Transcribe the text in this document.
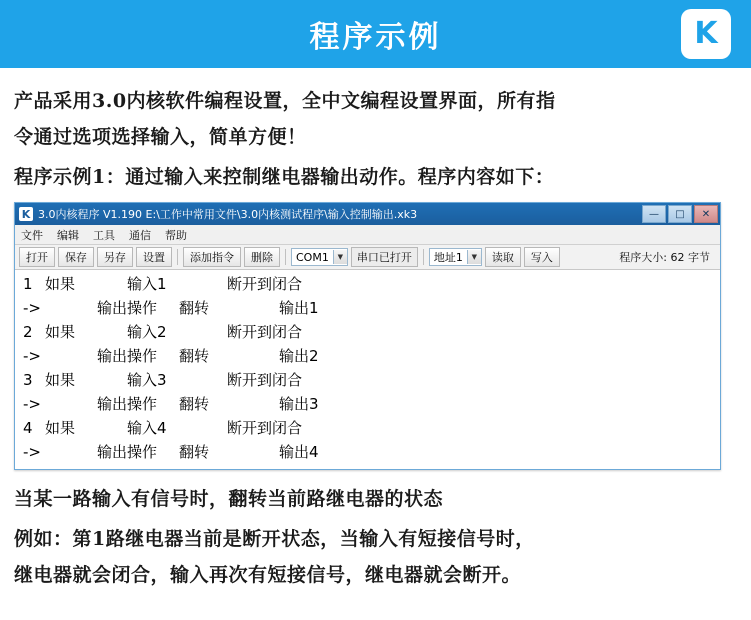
程序示例	K

产品采用3.0内核软件编程设置，全中文编程设置界面，所有指

令通过选项选择输入，简单方便！

程序示例1：通过输入来控制继电器输出动作。程序内容如下：

K 3.0内核程序 V1.190 E:\工作中常用文件\3.0内核测试程序\输入控制输出.xk3	—	□	✕
文件 编辑 工具 通信 帮助
打开	保存	另存	设置	添加指令	删除	COM1	▼	串口已打开	地址1	▼	读取	写入	程序大小: 62 字节
1 如果	输入1	断开到闭合
->	输出操作	翻转	输出1
2 如果	输入2	断开到闭合
->	输出操作	翻转	输出2
3 如果	输入3	断开到闭合
->	输出操作	翻转	输出3
4 如果	输入4	断开到闭合
->	输出操作	翻转	输出4

当某一路输入有信号时，翻转当前路继电器的状态

例如：第1路继电器当前是断开状态，当输入有短接信号时，

继电器就会闭合，输入再次有短接信号，继电器就会断开。
